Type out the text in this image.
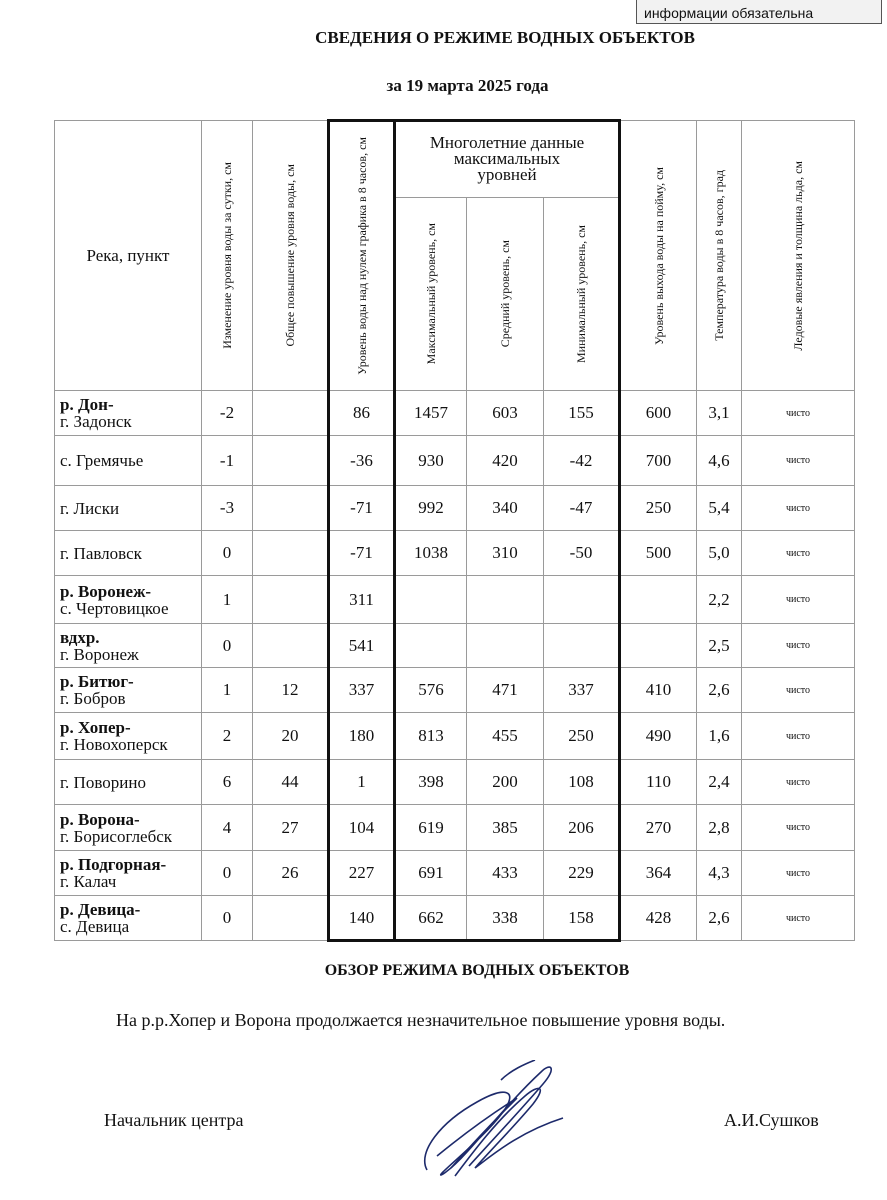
информации обязательна
СВЕДЕНИЯ О РЕЖИМЕ ВОДНЫХ ОБЪЕКТОВ
за 19 марта 2025 года
Река, пункт	Изменение уровня воды за сутки, см	Общее повышение уровня воды, см	Уровень воды над нулем графика в 8 часов, см	Многолетние данные максимальных уровней			Уровень выхода воды на пойму, см	Температура воды в 8 часов, град	Ледовые явления и толщина льда, см

				Максимальный уровень, см	Средний уровень, см	Минимальный уровень, см			

р. Дон-
г. Задонск	-2		86	1457	603	155	600	3,1	чисто
с. Гремячье	-1		-36	930	420	-42	700	4,6	чисто
г. Лиски	-3		-71	992	340	-47	250	5,4	чисто
г. Павловск	0		-71	1038	310	-50	500	5,0	чисто
р. Воронеж-
с. Чертовицкое	1		311					2,2	чисто
вдхр.
г. Воронеж	0		541					2,5	чисто
р. Битюг-
г. Бобров	1	12	337	576	471	337	410	2,6	чисто
р. Хопер-
г. Новохоперск	2	20	180	813	455	250	490	1,6	чисто
г. Поворино	6	44	1	398	200	108	110	2,4	чисто
р. Ворона-
г. Борисоглебск	4	27	104	619	385	206	270	2,8	чисто
р. Подгорная-
г. Калач	0	26	227	691	433	229	364	4,3	чисто
р. Девица-
с. Девица	0		140	662	338	158	428	2,6	чисто
ОБЗОР РЕЖИМА ВОДНЫХ ОБЪЕКТОВ
На р.р.Хопер и Ворона продолжается незначительное повышение уровня воды.
Начальник центра	А.И.Сушков
